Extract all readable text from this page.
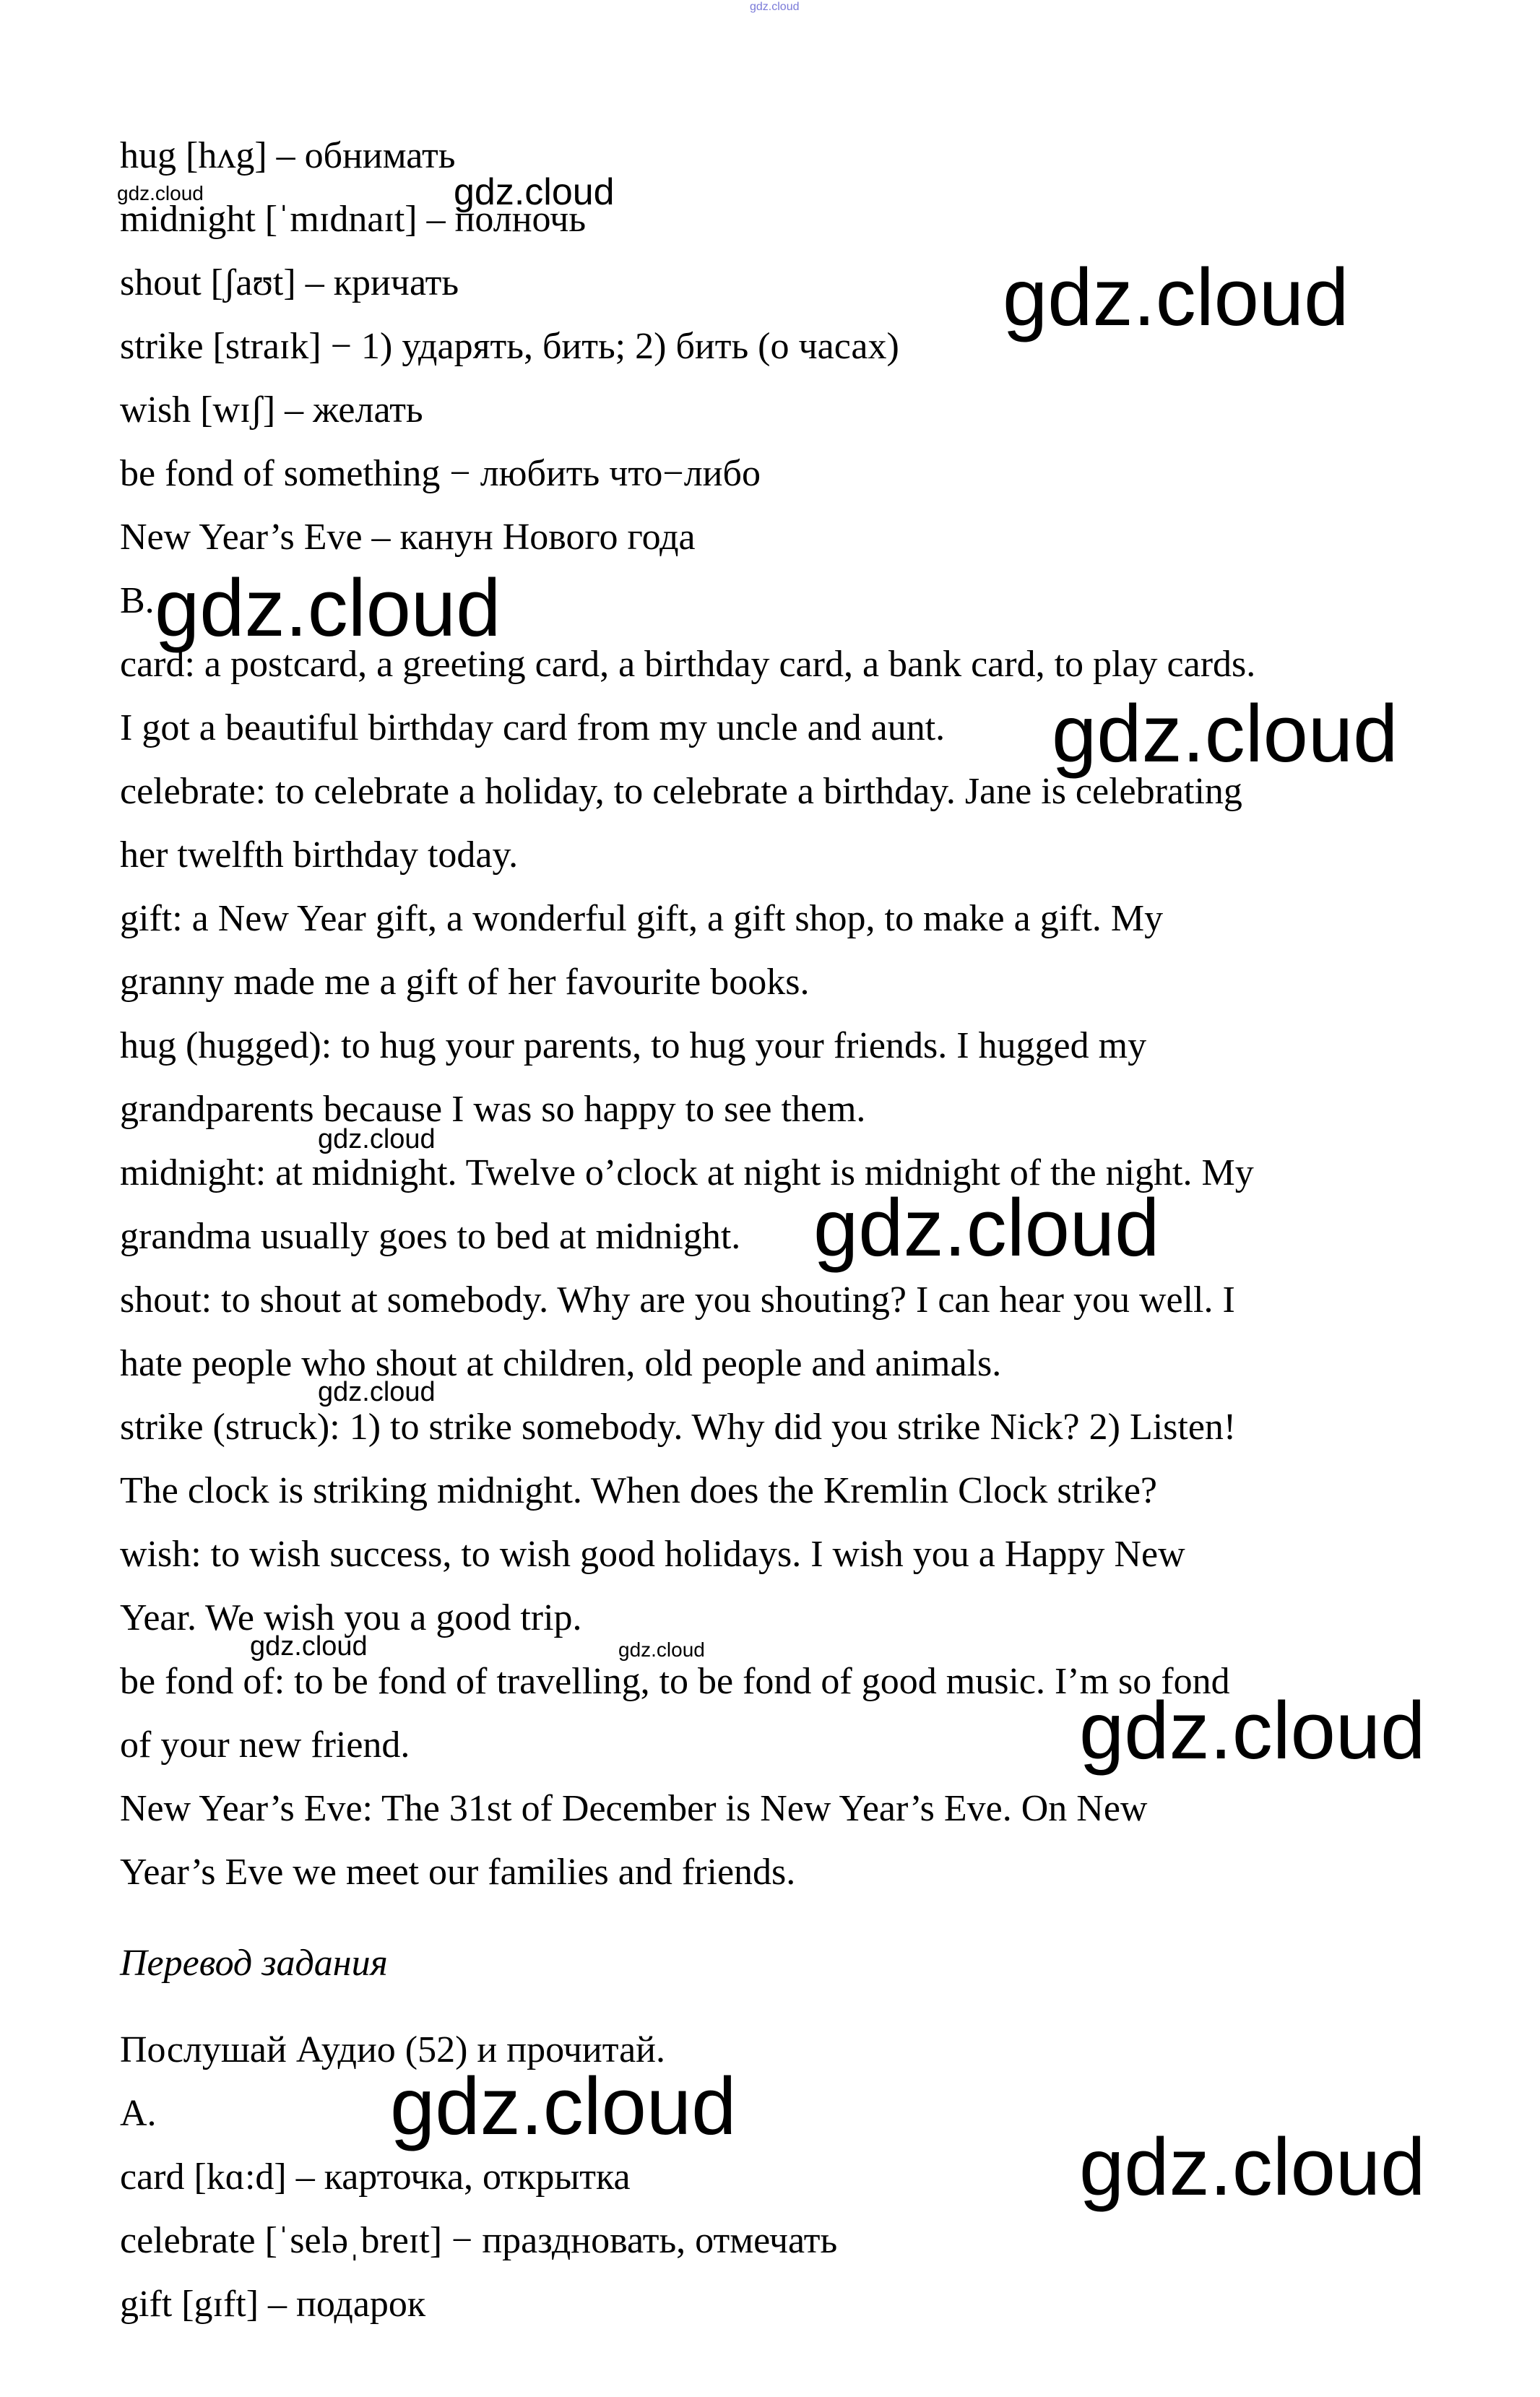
hug [hʌg] – обнимать
midnight [ˈmɪdnaɪt] – полночь
shout [ʃaʊt] – кричать
strike [straɪk] − 1) ударять, бить; 2) бить (о часах)
wish [wɪʃ] – желать
be fond of something − любить что−либо
New Year’s Eve – канун Нового года
B.
card: a postcard, a greeting card, a birthday card, a bank card, to play cards.
I got a beautiful birthday card from my uncle and aunt.
celebrate: to celebrate a holiday, to celebrate a birthday. Jane is celebrating
her twelfth birthday today.
gift: a New Year gift, a wonderful gift, a gift shop, to make a gift. My
granny made me a gift of her favourite books.
hug (hugged): to hug your parents, to hug your friends. I hugged my
grandparents because I was so happy to see them.
midnight: at midnight. Twelve o’clock at night is midnight of the night. My
grandma usually goes to bed at midnight.
shout: to shout at somebody. Why are you shouting? I can hear you well. I
hate people who shout at children, old people and animals.
strike (struck): 1) to strike somebody. Why did you strike Nick? 2) Listen!
The clock is striking midnight. When does the Kremlin Clock strike?
wish: to wish success, to wish good holidays. I wish you a Happy New
Year. We wish you a good trip.
be fond of: to be fond of travelling, to be fond of good music. I’m so fond
of your new friend.
New Year’s Eve: The 31st of December is New Year’s Eve. On New
Year’s Eve we meet our families and friends.
Перевод задания
Послушай Аудио (52) и прочитай.
А.
card [kɑ:d] – карточка, открытка
celebrate [ˈseləˌbreɪt] − праздновать, отмечать
gift [gɪft] – подарок
gdz.cloud
gdz.cloud	gdz.cloud
gdz.cloud
gdz.cloud
gdz.cloud
gdz.cloud
gdz.cloud
gdz.cloud
gdz.cloud	gdz.cloud
gdz.cloud
gdz.cloud
gdz.cloud
